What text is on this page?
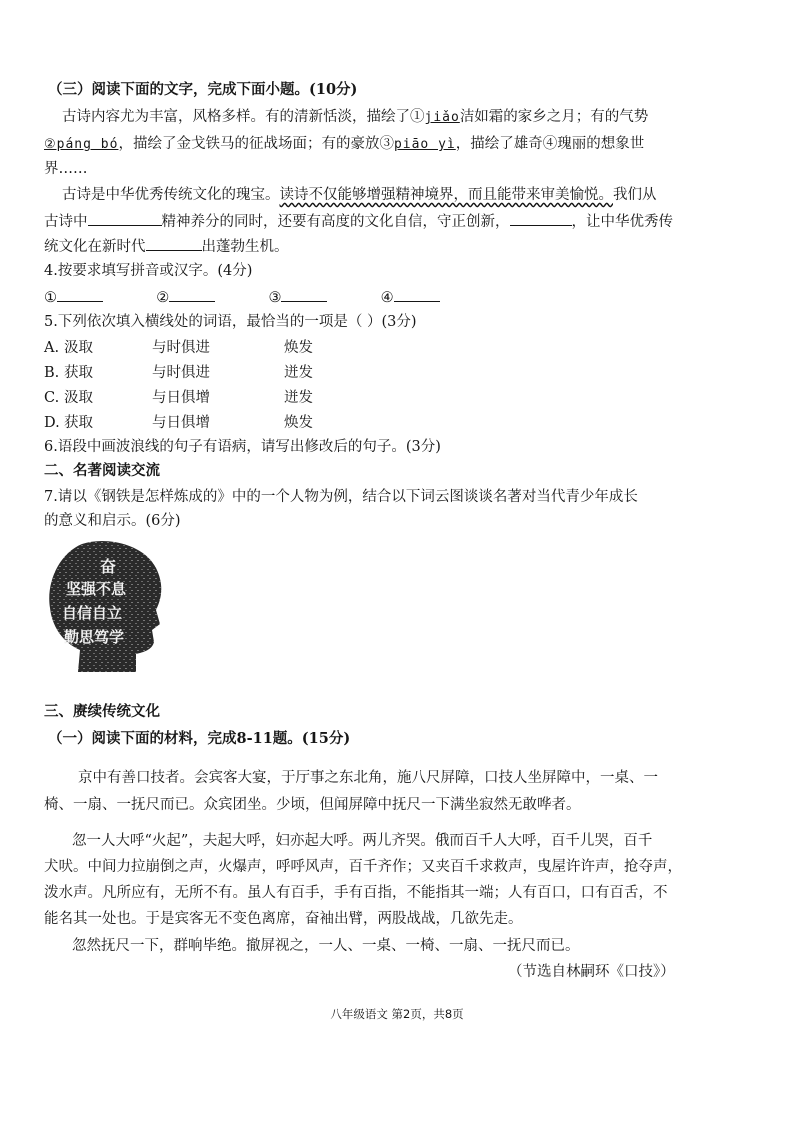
（三）阅读下面的文字，完成下面小题。(10分)
古诗内容尤为丰富，风格多样。有的清新恬淡，描绘了①jiǎo洁如霜的家乡之月；有的气势
②páng bó，描绘了金戈铁马的征战场面；有的豪放③piāo yì，描绘了雄奇④瑰丽的想象世
界……
古诗是中华优秀传统文化的瑰宝。读诗不仅能够增强精神境界，而且能带来审美愉悦。我们从
古诗中	精神养分的同时，还要有高度的文化自信，守正创新，	，让中华优秀传
统文化在新时代	出蓬勃生机。
4.按要求填写拼音或汉字。(4分)
①	②	③	④
5.下列依次填入横线处的词语，最恰当的一项是（ ）(3分)
A. 汲取	与时俱进	焕发
B. 获取	与时俱进	迸发
C. 汲取	与日俱增	迸发
D. 获取	与日俱增	焕发
6.语段中画波浪线的句子有语病，请写出修改后的句子。(3分)
二、名著阅读交流
7.请以《钢铁是怎样炼成的》中的一个人物为例，结合以下词云图谈谈名著对当代青少年成长
的意义和启示。(6分)
奋
坚强不息
自信自立
勤思笃学
三、赓续传统文化
（一）阅读下面的材料，完成8-11题。(15分)
京中有善口技者。会宾客大宴，于厅事之东北角，施八尺屏障，口技人坐屏障中，一桌、一
椅、一扇、一抚尺而已。众宾团坐。少顷，但闻屏障中抚尺一下满坐寂然无敢哗者。
忽一人大呼“火起”，夫起大呼，妇亦起大呼。两儿齐哭。俄而百千人大呼，百千儿哭，百千
犬吠。中间力拉崩倒之声，火爆声，呼呼风声，百千齐作；又夹百千求救声，曳屋许许声，抢夺声，
泼水声。凡所应有，无所不有。虽人有百手，手有百指，不能指其一端；人有百口，口有百舌，不
能名其一处也。于是宾客无不变色离席，奋袖出臂，两股战战，几欲先走。
忽然抚尺一下，群响毕绝。撤屏视之，一人、一桌、一椅、一扇、一抚尺而已。
（节选自林嗣环《口技》）
八年级语文 第2页，共8页
